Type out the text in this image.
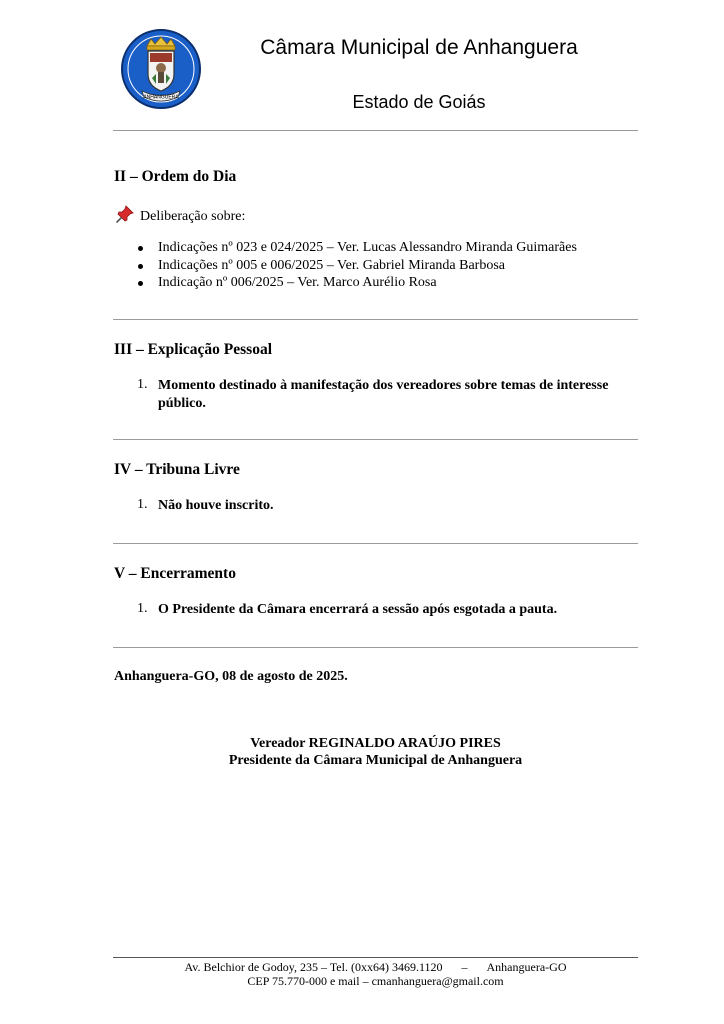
ANHANGUERA
Câmara Municipal de Anhanguera
Estado de Goiás
II – Ordem do Dia
Deliberação sobre:
Indicações nº 023 e 024/2025 – Ver. Lucas Alessandro Miranda Guimarães
Indicações nº 005 e 006/2025 – Ver. Gabriel Miranda Barbosa
Indicação nº 006/2025 – Ver. Marco Aurélio Rosa
III – Explicação Pessoal
1. Momento destinado à manifestação dos vereadores sobre temas de interesse público.
IV – Tribuna Livre
1. Não houve inscrito.
V – Encerramento
1. O Presidente da Câmara encerrará a sessão após esgotada a pauta.
Anhanguera-GO, 08 de agosto de 2025.
Vereador REGINALDO ARAÚJO PIRES
Presidente da Câmara Municipal de Anhanguera
Av. Belchior de Godoy, 235 – Tel. (0xx64) 3469.1120 – Anhanguera-GO
CEP 75.770-000 e mail – cmanhanguera@gmail.com
